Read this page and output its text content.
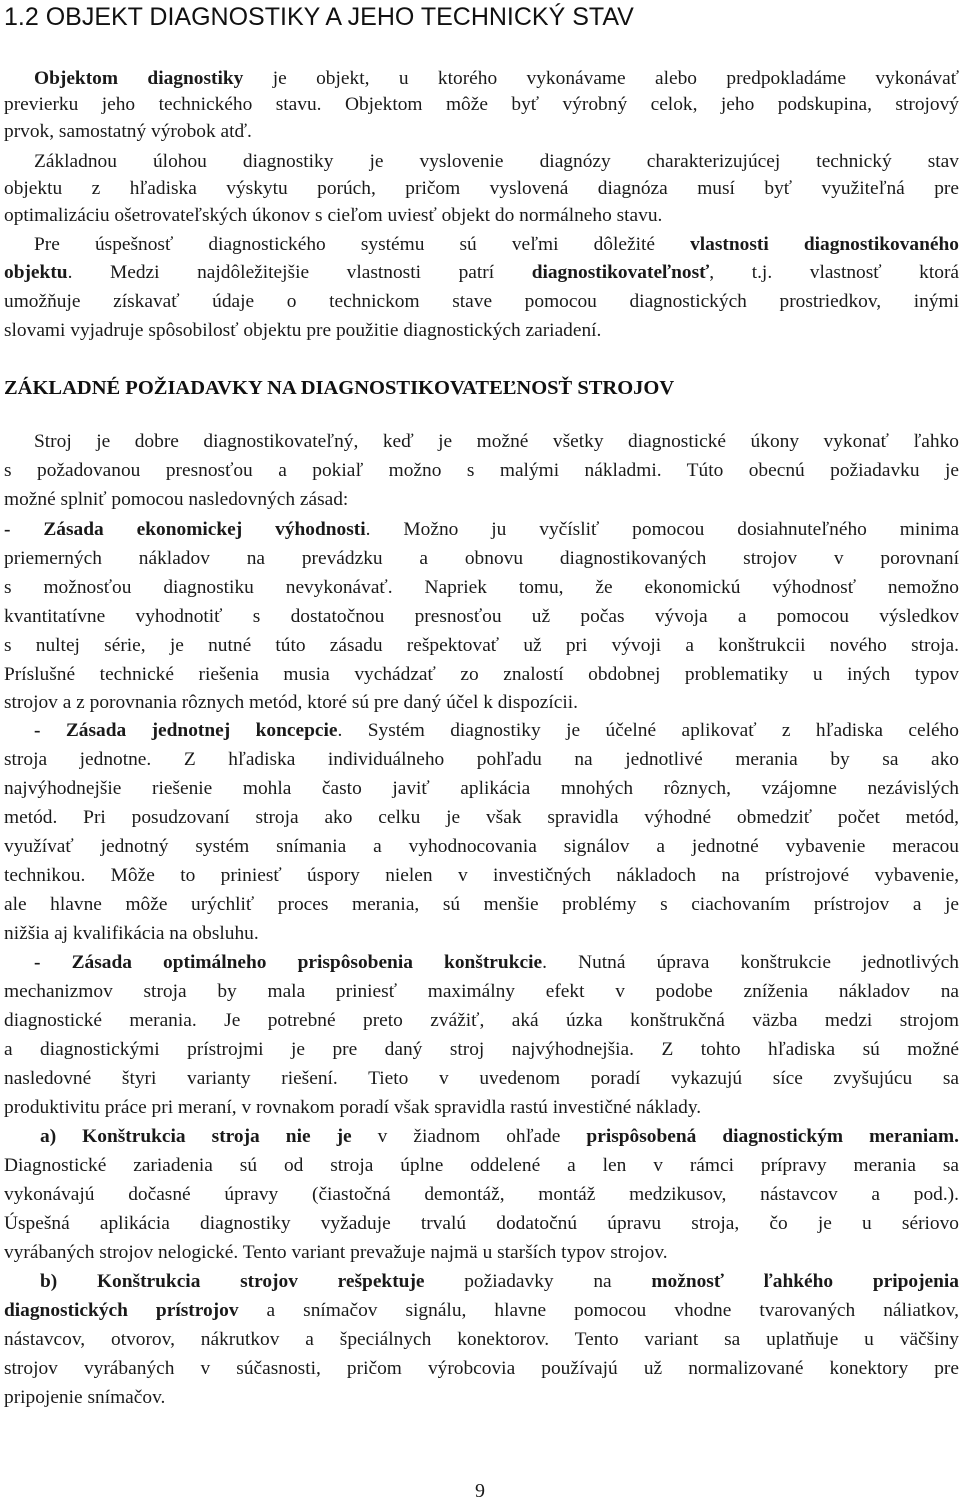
1.2 OBJEKT DIAGNOSTIKY A JEHO TECHNICKÝ STAV
Objektom diagnostiky je objekt, u ktorého vykonávame alebo predpokladáme vykonávať
previerku jeho technického stavu. Objektom môže byť výrobný celok, jeho podskupina, strojový
prvok, samostatný výrobok atď.
Základnou úlohou diagnostiky je vyslovenie diagnózy charakterizujúcej technický stav
objektu z hľadiska výskytu porúch, pričom vyslovená diagnóza musí byť využiteľná pre
optimalizáciu ošetrovateľských úkonov s cieľom uviesť objekt do normálneho stavu.
Pre úspešnosť diagnostického systému sú veľmi dôležité vlastnosti diagnostikovaného
objektu. Medzi najdôležitejšie vlastnosti patrí diagnostikovateľnosť, t.j. vlastnosť ktorá
umožňuje získavať údaje o technickom stave pomocou diagnostických prostriedkov, inými
slovami vyjadruje spôsobilosť objektu pre použitie diagnostických zariadení.
ZÁKLADNÉ POŽIADAVKY NA DIAGNOSTIKOVATEĽNOSŤ STROJOV
Stroj je dobre diagnostikovateľný, keď je možné všetky diagnostické úkony vykonať ľahko
s požadovanou presnosťou a pokiaľ možno s malými nákladmi. Túto obecnú požiadavku je
možné splniť pomocou nasledovných zásad:
- Zásada ekonomickej výhodnosti. Možno ju vyčísliť pomocou dosiahnuteľného minima
priemerných nákladov na prevádzku a obnovu diagnostikovaných strojov v porovnaní
s možnosťou diagnostiku nevykonávať. Napriek tomu, že ekonomickú výhodnosť nemožno
kvantitatívne vyhodnotiť s dostatočnou presnosťou už počas vývoja a pomocou výsledkov
s nultej série, je nutné túto zásadu rešpektovať už pri vývoji a konštrukcii nového stroja.
Príslušné technické riešenia musia vychádzať zo znalostí obdobnej problematiky u iných typov
strojov a z porovnania rôznych metód, ktoré sú pre daný účel k dispozícii.
- Zásada jednotnej koncepcie. Systém diagnostiky je účelné aplikovať z hľadiska celého
stroja jednotne. Z hľadiska individuálneho pohľadu na jednotlivé merania by sa ako
najvýhodnejšie riešenie mohla často javiť aplikácia mnohých rôznych, vzájomne nezávislých
metód. Pri posudzovaní stroja ako celku je však spravidla výhodné obmedziť počet metód,
využívať jednotný systém snímania a vyhodnocovania signálov a jednotné vybavenie meracou
technikou. Môže to priniesť úspory nielen v investičných nákladoch na prístrojové vybavenie,
ale hlavne môže urýchliť proces merania, sú menšie problémy s ciachovaním prístrojov a je
nižšia aj kvalifikácia na obsluhu.
- Zásada optimálneho prispôsobenia konštrukcie. Nutná úprava konštrukcie jednotlivých
mechanizmov stroja by mala priniesť maximálny efekt v podobe zníženia nákladov na
diagnostické merania. Je potrebné preto zvážiť, aká úzka konštrukčná väzba medzi strojom
a diagnostickými prístrojmi je pre daný stroj najvýhodnejšia. Z tohto hľadiska sú možné
nasledovné štyri varianty riešení. Tieto v uvedenom poradí vykazujú síce zvyšujúcu sa
produktivitu práce pri meraní, v rovnakom poradí však spravidla rastú investičné náklady.
a) Konštrukcia stroja nie je v žiadnom ohľade prispôsobená diagnostickým meraniam.
Diagnostické zariadenia sú od stroja úplne oddelené a len v rámci prípravy merania sa
vykonávajú dočasné úpravy (čiastočná demontáž, montáž medzikusov, nástavcov a pod.).
Úspešná aplikácia diagnostiky vyžaduje trvalú dodatočnú úpravu stroja, čo je u sériovo
vyrábaných strojov nelogické. Tento variant prevažuje najmä u starších typov strojov.
b) Konštrukcia strojov rešpektuje požiadavky na možnosť ľahkého pripojenia
diagnostických prístrojov a snímačov signálu, hlavne pomocou vhodne tvarovaných náliatkov,
nástavcov, otvorov, nákrutkov a špeciálnych konektorov. Tento variant sa uplatňuje u väčšiny
strojov vyrábaných v súčasnosti, pričom výrobcovia používajú už normalizované konektory pre
pripojenie snímačov.
9
